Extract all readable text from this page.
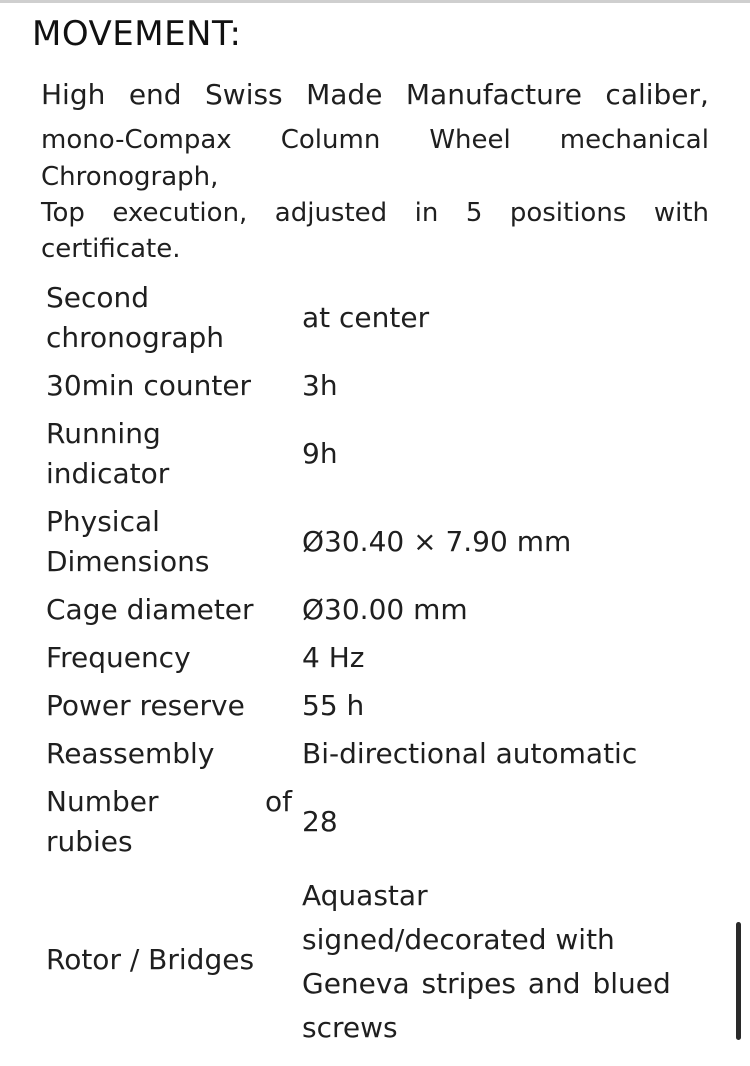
MOVEMENT:
High end Swiss Made Manufacture caliber,
mono-Compax Column Wheel mechanical
Chronograph,
Top execution, adjusted in 5 positions with
certificate.
Second
chronograph	at center
30min counter	3h

Running
indicator	9h

Physical
Dimensions	Ø30.40 × 7.90 mm
Cage diameter	Ø30.00 mm
Frequency	4 Hz
Power reserve	55 h
Reassembly	Bi-directional automatic

Number of
rubies	28
Rotor / Bridges	Aquastar
signed/decorated with
Geneva stripes and blued
screws
